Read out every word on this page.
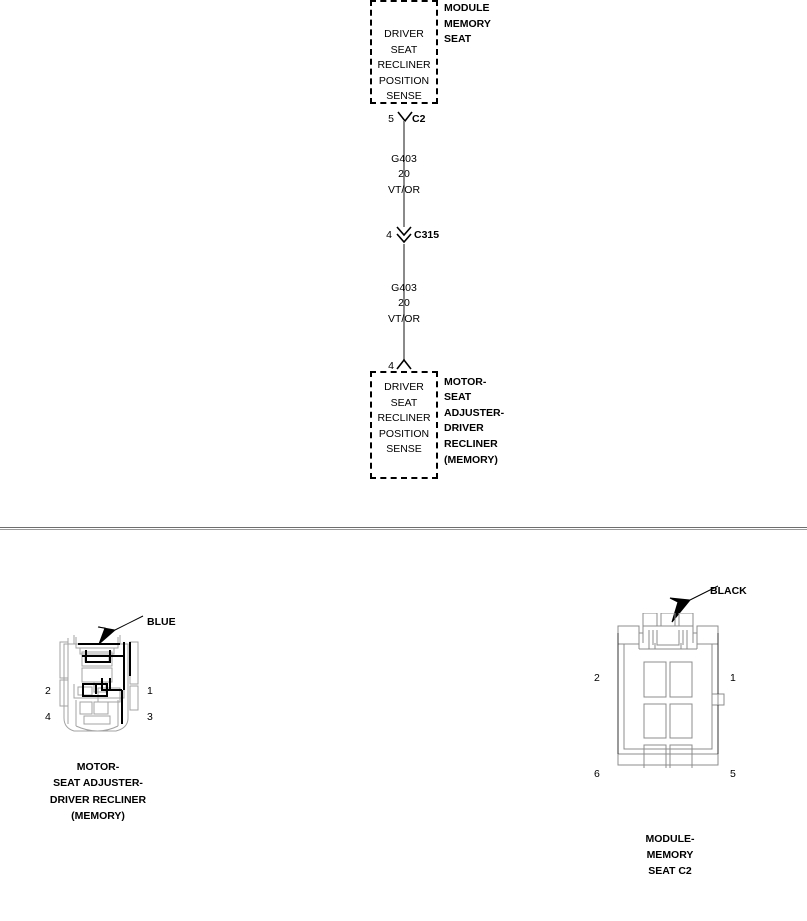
DRIVER
SEAT
RECLINER
POSITION
SENSE
MODULE
MEMORY
SEAT
5 C2
G403
20
VT/OR
4 C315
G403
20
VT/OR
4
DRIVER
SEAT
RECLINER
POSITION
SENSE
MOTOR-
SEAT
ADJUSTER-
DRIVER
RECLINER
(MEMORY)
BLUE
2	1
4	3
MOTOR-
SEAT ADJUSTER-
DRIVER RECLINER
(MEMORY)
BLACK
2	1
6	5
MODULE-
MEMORY
SEAT C2
